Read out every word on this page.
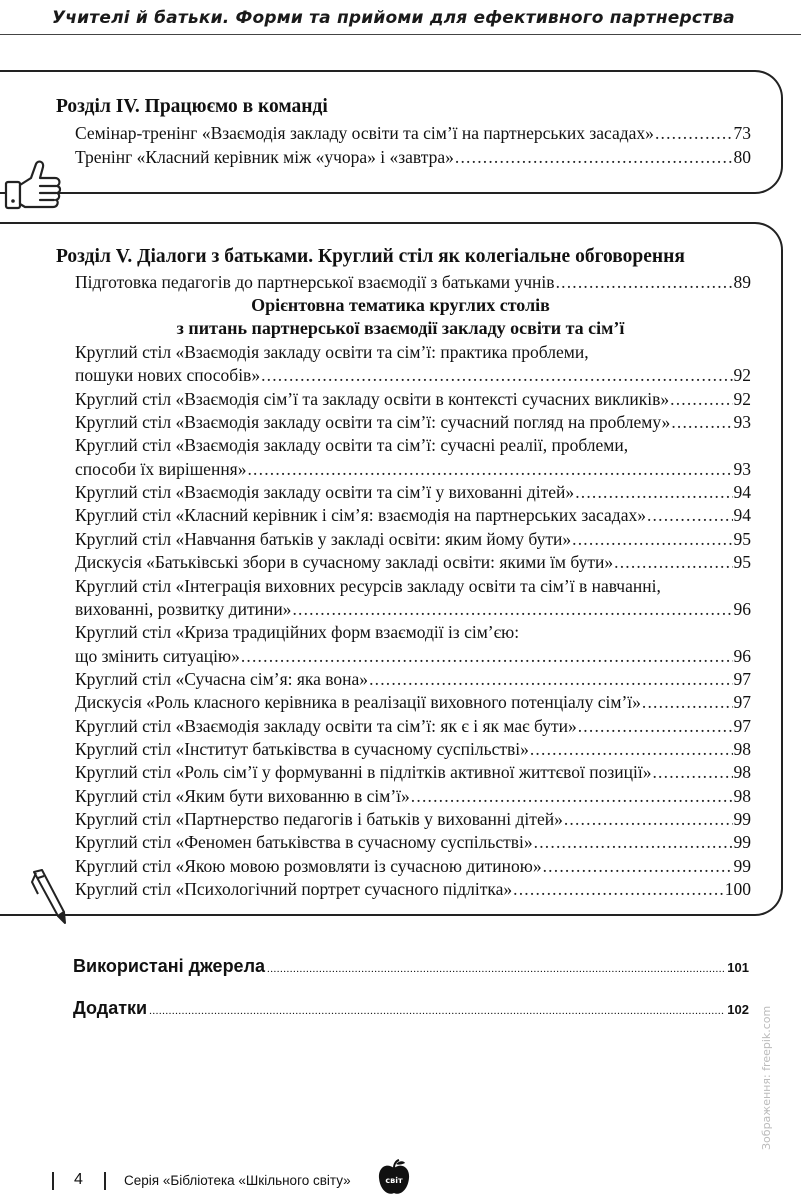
Учителі й батьки. Форми та прийоми для ефективного партнерства
Розділ IV. Працюємо в команді
Семінар-тренінг «Взаємодія закладу освіти та сім’ї на партнерських засадах» .....	73
Тренінг «Класний керівник між «учора» і «завтра» .....	80
Розділ V. Діалоги з батьками. Круглий стіл як колегіальне обговорення
Підготовка педагогів до партнерської взаємодії з батьками учнів .....	89
Орієнтовна тематика круглих столів
з питань партнерської взаємодії закладу освіти та сім’ї
Круглий стіл «Взаємодія закладу освіти та сім’ї: практика проблеми,
пошуки нових способів» .....	92
Круглий стіл «Взаємодія сім’ї та закладу освіти в контексті сучасних викликів» .....	92
Круглий стіл «Взаємодія закладу освіти та сім’ї: сучасний погляд на проблему» .....	93
Круглий стіл «Взаємодія закладу освіти та сім’ї: сучасні реалії, проблеми,
способи їх вирішення» .....	93
Круглий стіл «Взаємодія закладу освіти та сім’ї у вихованні дітей» .....	94
Круглий стіл «Класний керівник і сім’я: взаємодія на партнерських засадах» .....	94
Круглий стіл «Навчання батьків у закладі освіти: яким йому бути» .....	95
Дискусія «Батьківські збори в сучасному закладі освіти: якими їм бути» .....	95
Круглий стіл «Інтеграція виховних ресурсів закладу освіти та сім’ї в навчанні,
вихованні, розвитку дитини» .....	96
Круглий стіл «Криза традиційних форм взаємодії із сім’єю:
що змінить ситуацію» .....	96
Круглий стіл «Сучасна сім’я: яка вона» .....	97
Дискусія «Роль класного керівника в реалізації виховного потенціалу сім’ї» .....	97
Круглий стіл «Взаємодія закладу освіти та сім’ї: як є і як має бути» .....	97
Круглий стіл «Інститут батьківства в сучасному суспільстві» .....	98
Круглий стіл «Роль сім’ї у формуванні в підлітків активної життєвої позиції» .....	98
Круглий стіл «Яким бути вихованню в сім’ї» .....	98
Круглий стіл «Партнерство педагогів і батьків у вихованні дітей» .....	99
Круглий стіл «Феномен батьківства в сучасному суспільстві» .....	99
Круглий стіл «Якою мовою розмовляти із сучасною дитиною» .....	99
Круглий стіл «Психологічний портрет сучасного підлітка» .....	100
Використані джерела .....	101
Додатки .....	102 Зображення: freepik.com
4	Серія «Бібліотека «Шкільного світу»	світ
